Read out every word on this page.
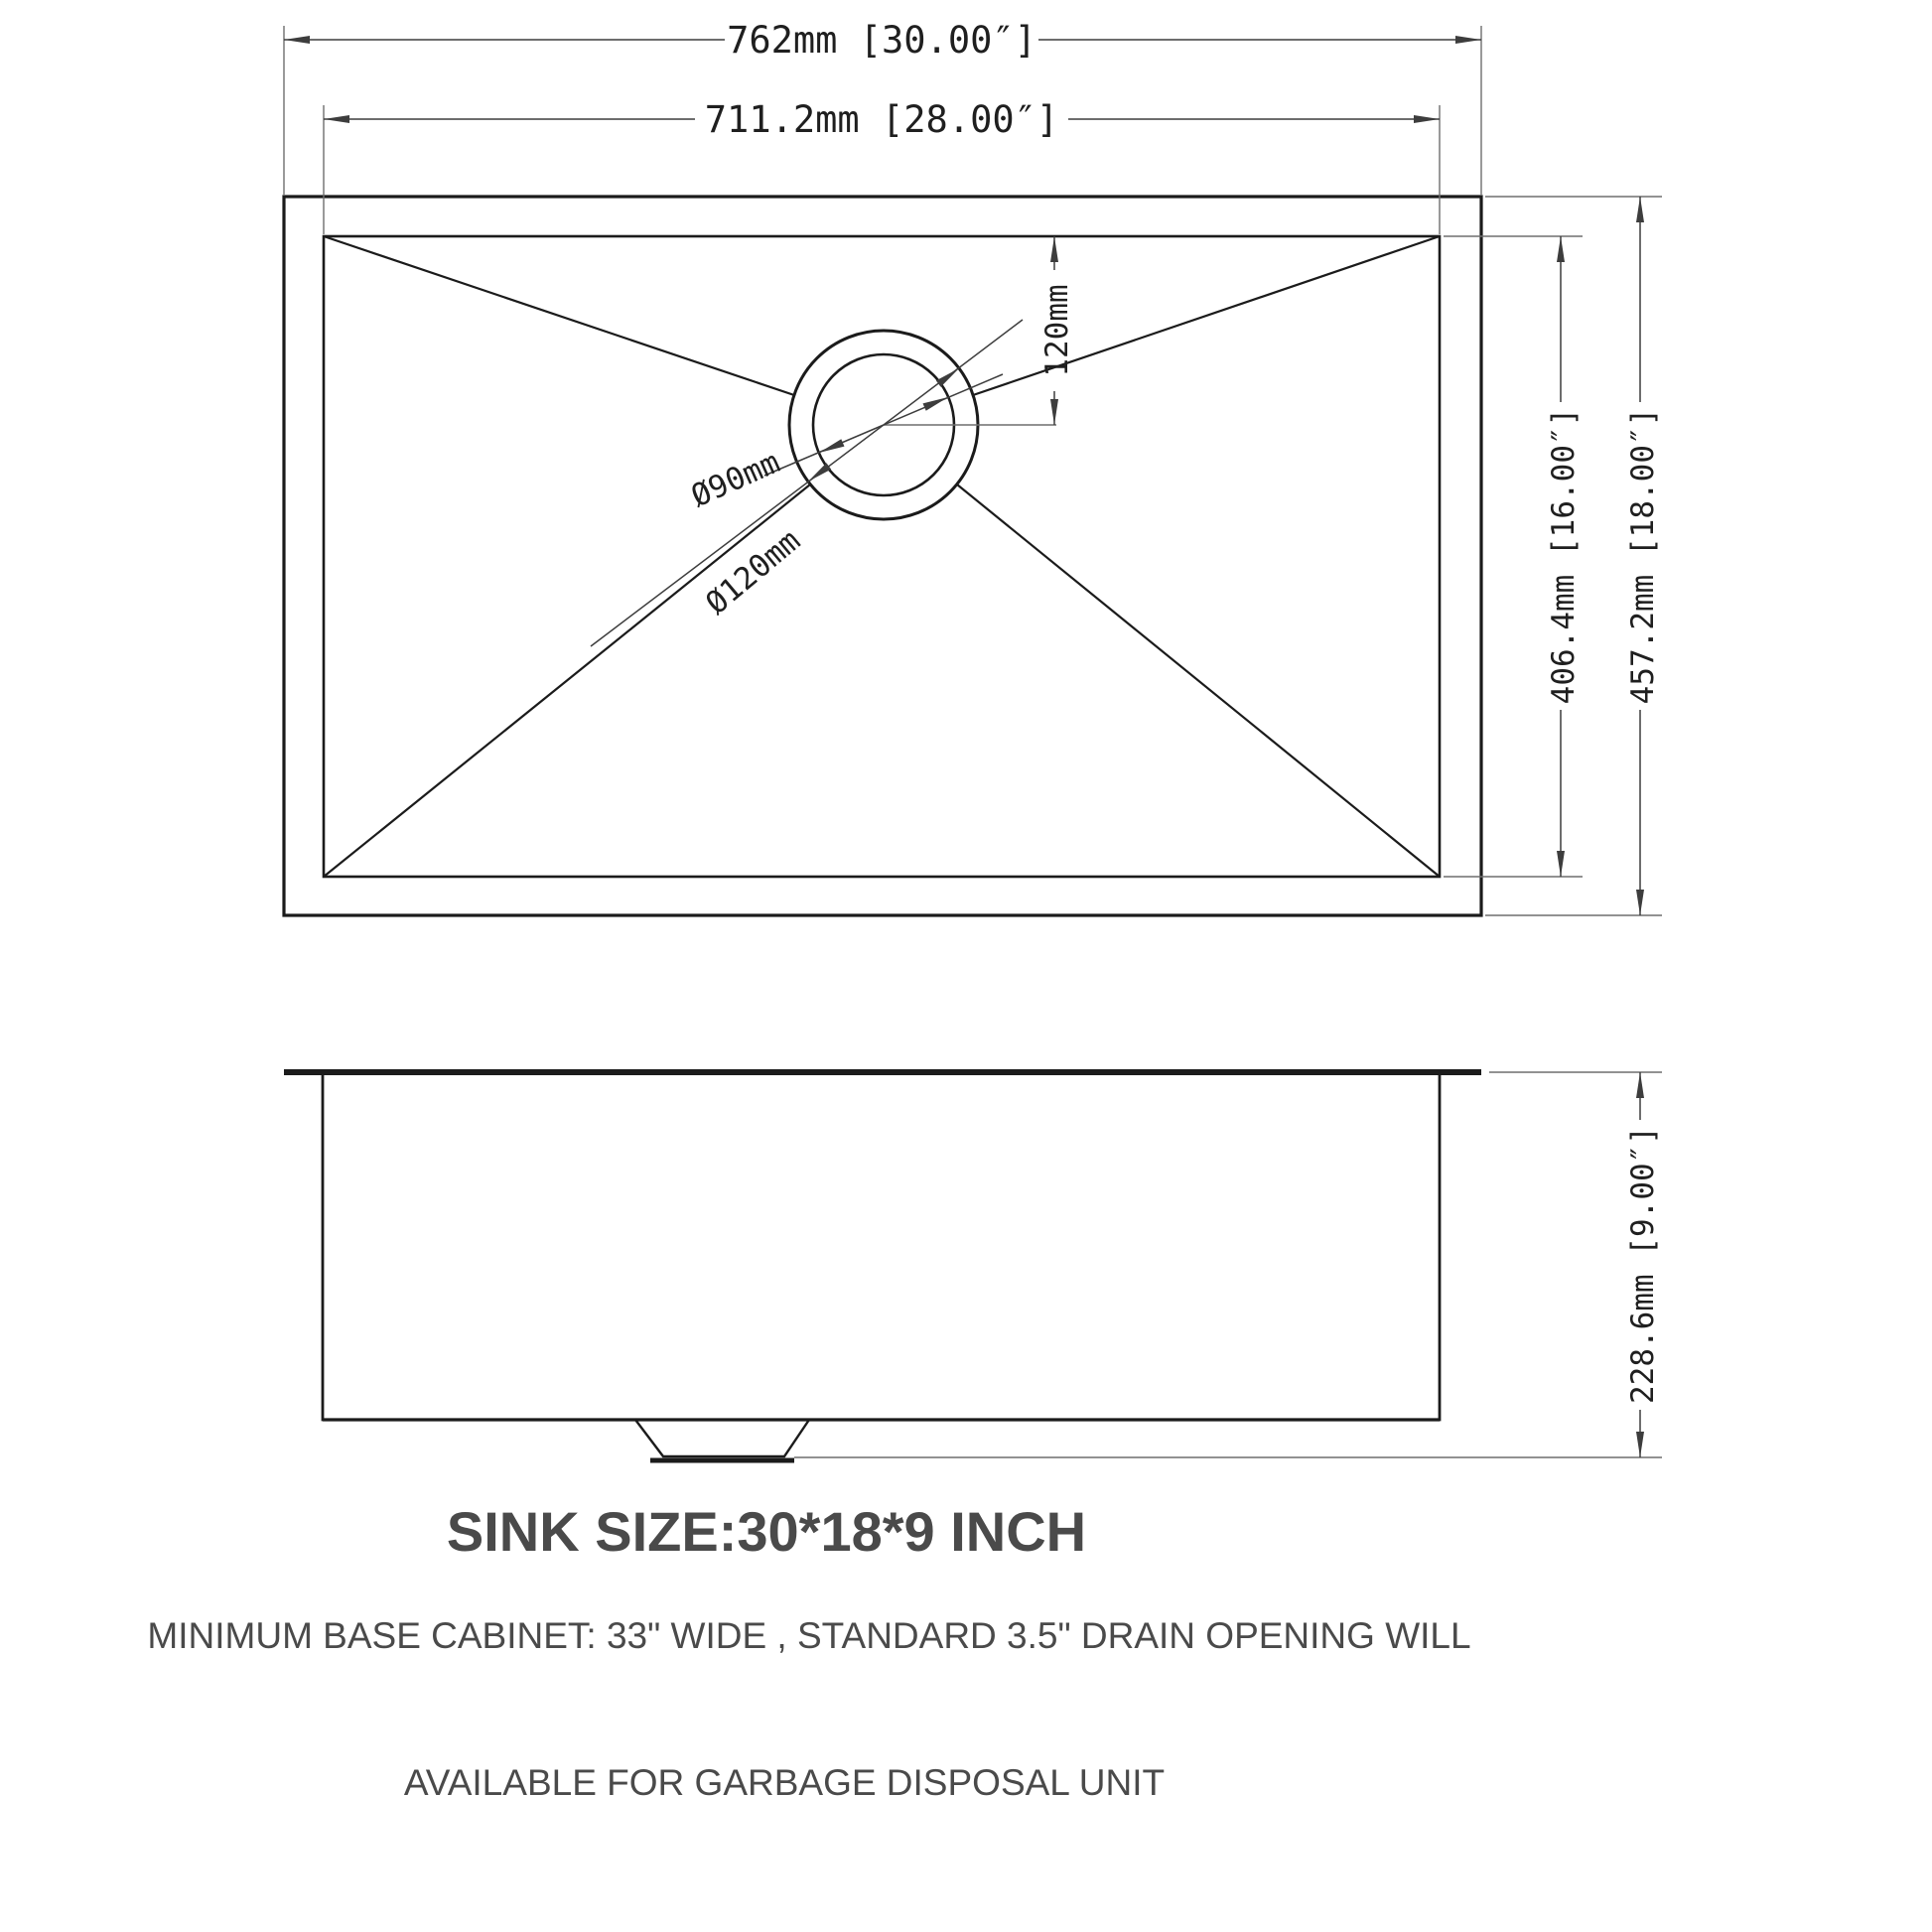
762mm [30.00″]
711.2mm [28.00″]
406.4mm [16.00″] 457.2mm [18.00″]
120mm
Ø90mm
Ø120mm
228.6mm [9.00″]
SINK SIZE:30*18*9 INCH
MINIMUM BASE CABINET: 33" WIDE , STANDARD 3.5" DRAIN OPENING WILL
AVAILABLE FOR GARBAGE DISPOSAL UNIT
